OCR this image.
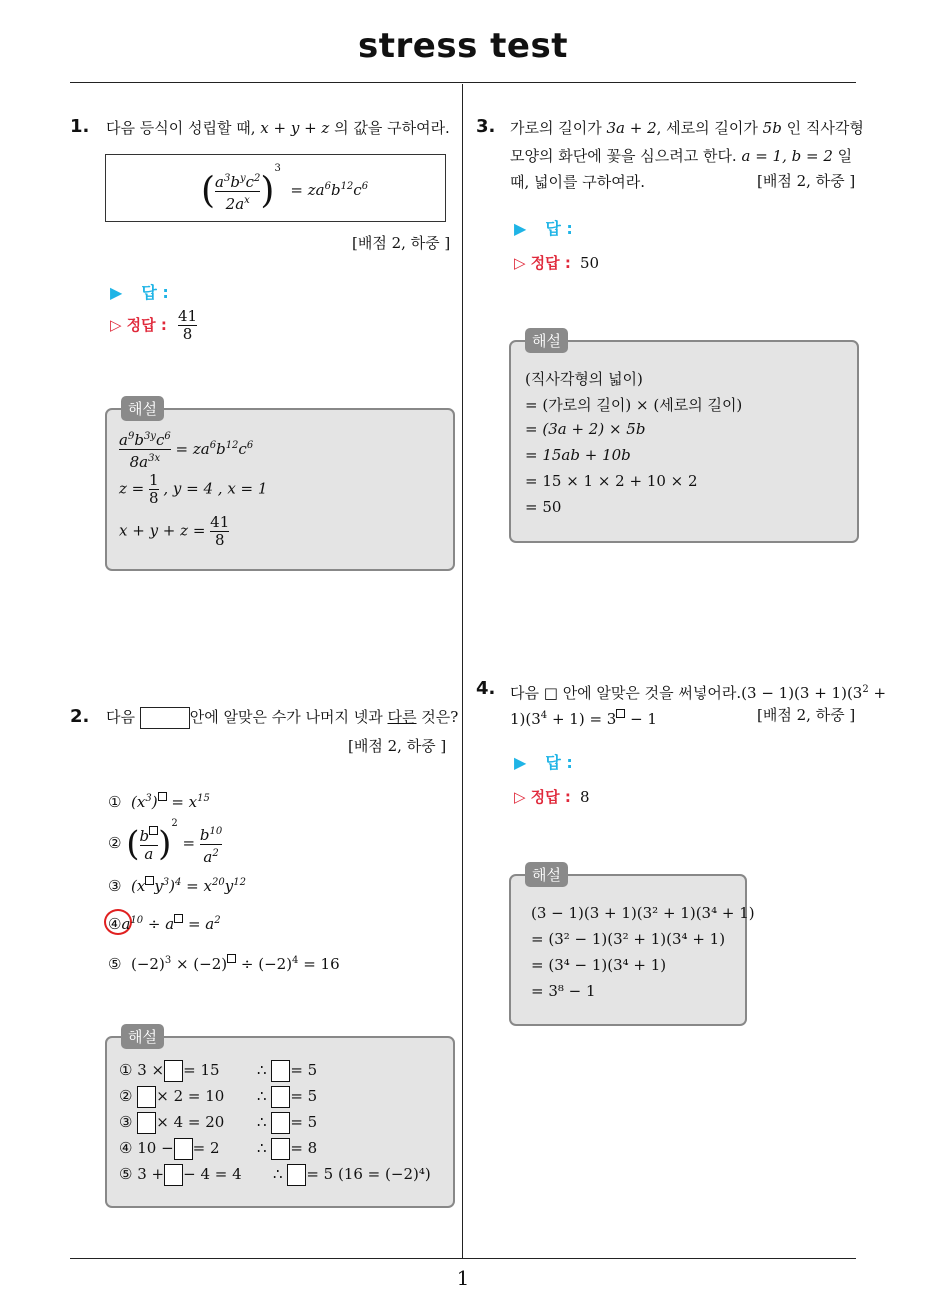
stress test
1
1. 다음 등식이 성립할 때, x + y + z 의 값을 구하여라.
( $\frac{a^3b^yc^2}{2a^x} )^3 = za^6b^{12}c^6$
[배점 2, 하중 ]
▶ 답 :
▷ 정답 : $\frac{41}{8}$
해설
$\frac{a^9b^{3y}c^6}{8a^{3x}} = za^6b^{12}c^6$
$z = \frac{1}{8}$ , y = 4 , x = 1
$x + y + z = \frac{41}{8}$
2. 다음	안에 알맞은 수가 나머지 넷과 다른 것은?
[배점 2, 하중 ]
① $(x^3) = x^{15}$
② ( $\frac{b}{a} )^2 = \frac{b^{10}}{a^2}$
③ (x $y^3)^4 = x^{20}y^{12}$
$④a^{10} \div a = a^2$
⑤ $(-2)^3 \times (-2) \div (-2)^4 = 16$
해설
① 3 × = 15 ∴ = 5
② × 2 = 10 ∴ = 5
③ × 4 = 20 ∴ = 5
④ 10 − = 2 ∴ = 8
⑤ 3 + − 4 = 4 ∴ = 5 (16 = (−2)⁴)
3. 가로의 길이가 3a + 2, 세로의 길이가 5b 인 직사각형
모양의 화단에 꽃을 심으려고 한다. a = 1, b = 2 일
때, 넓이를 구하여라.	[배점 2, 하중 ]
▶ 답 :
▷ 정답 : 50
해설
(직사각형의 넓이)
= (가로의 길이) × (세로의 길이)
= (3a + 2) × 5b
= 15ab + 10b
= 15 × 1 × 2 + 10 × 2
= 50
4. 다음 □ 안에 알맞은 것을 써넣어라$.(3 - 1)(3 + 1)(3^2$ +
$1)(3^4 + 1) = 3 - 1$	[배점 2, 하중 ]
▶ 답 :
▷ 정답 : 8
해설
(3 − 1)(3 + 1)(3² + 1)(3⁴ + 1)
= (3² − 1)(3² + 1)(3⁴ + 1)
= (3⁴ − 1)(3⁴ + 1)
= 3⁸ − 1
